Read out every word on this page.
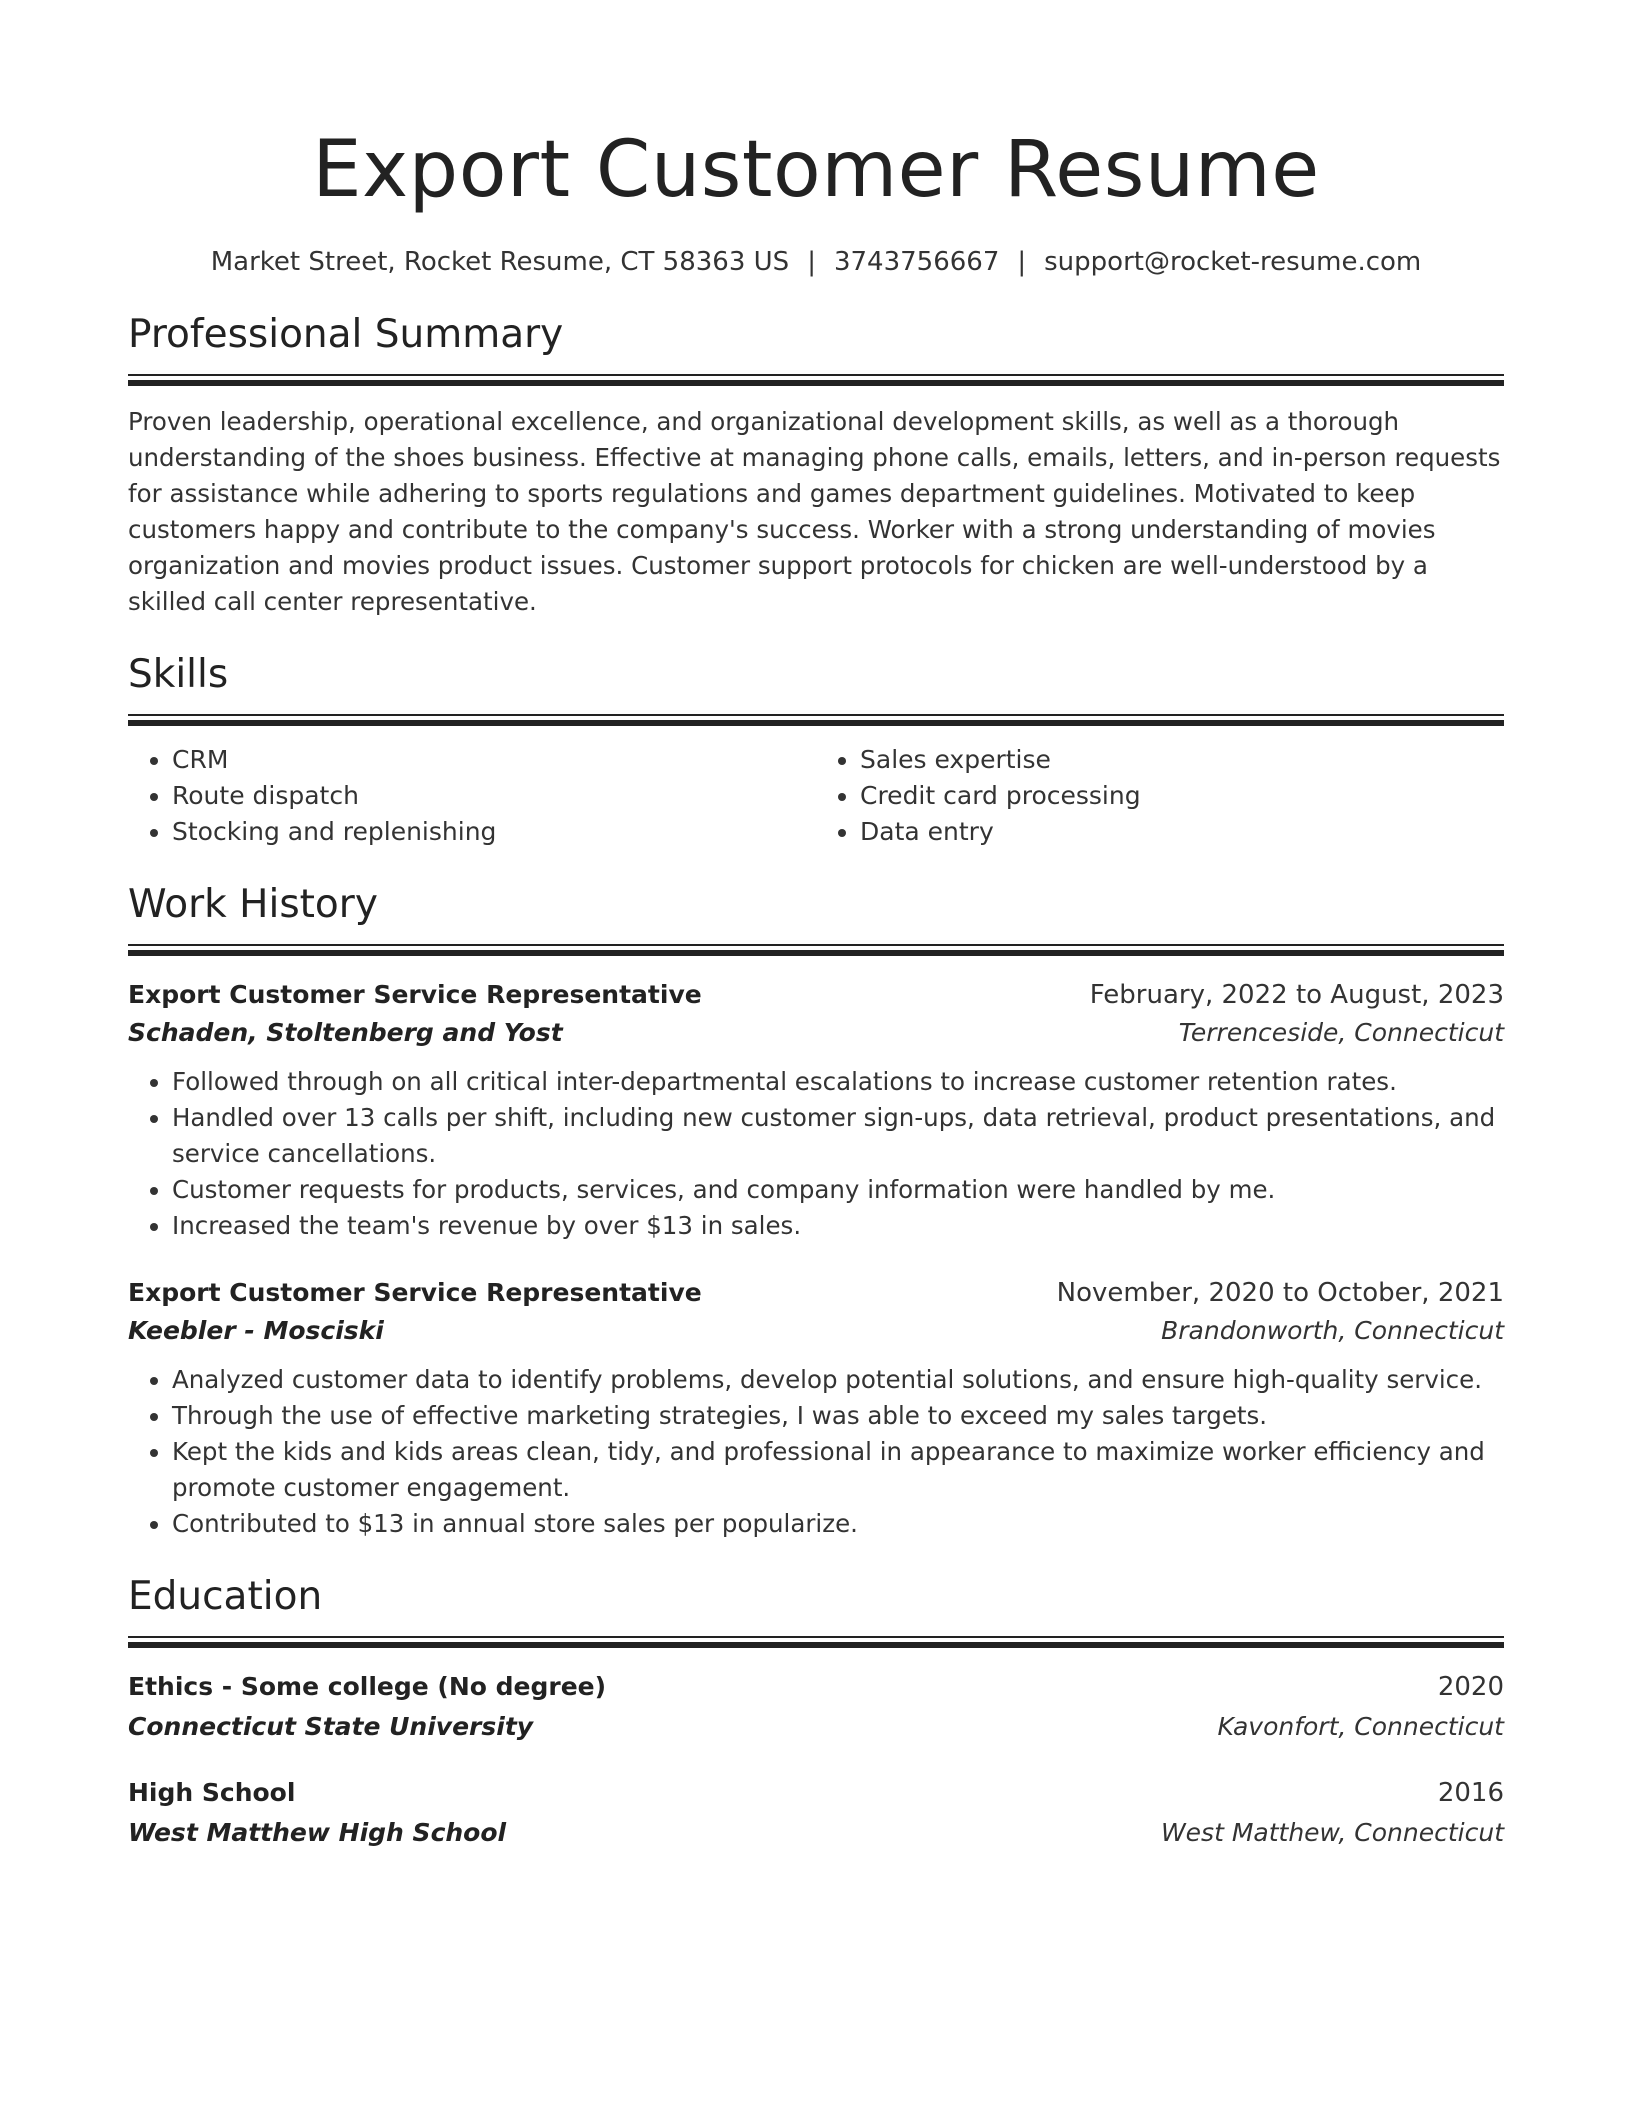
Export Customer Resume
Market Street, Rocket Resume, CT 58363 US | 3743756667 | support@rocket-resume.com
Professional Summary

Proven leadership, operational excellence, and organizational development skills, as well as a thorough understanding of the shoes business. Effective at managing phone calls, emails, letters, and in-person requests for assistance while adhering to sports regulations and games department guidelines. Motivated to keep customers happy and contribute to the company's success. Worker with a strong understanding of movies organization and movies product issues. Customer support protocols for chicken are well-understood by a skilled call center representative.

Skills
• CRM
• Route dispatch
• Stocking and replenishing
• Sales expertise
• Credit card processing
• Data entry
Work History
Export Customer Service Representative	February, 2022 to August, 2023
Schaden, Stoltenberg and Yost	Terrenceside, Connecticut
• Followed through on all critical inter-departmental escalations to increase customer retention rates.
• Handled over 13 calls per shift, including new customer sign-ups, data retrieval, product presentations, and service cancellations.
• Customer requests for products, services, and company information were handled by me.
• Increased the team's revenue by over $13 in sales.
Export Customer Service Representative	November, 2020 to October, 2021
Keebler - Mosciski	Brandonworth, Connecticut
• Analyzed customer data to identify problems, develop potential solutions, and ensure high-quality service.
• Through the use of effective marketing strategies, I was able to exceed my sales targets.
• Kept the kids and kids areas clean, tidy, and professional in appearance to maximize worker efficiency and promote customer engagement.
• Contributed to $13 in annual store sales per popularize.
Education
Ethics - Some college (No degree)	2020
Connecticut State University	Kavonfort, Connecticut
High School	2016
West Matthew High School	West Matthew, Connecticut
